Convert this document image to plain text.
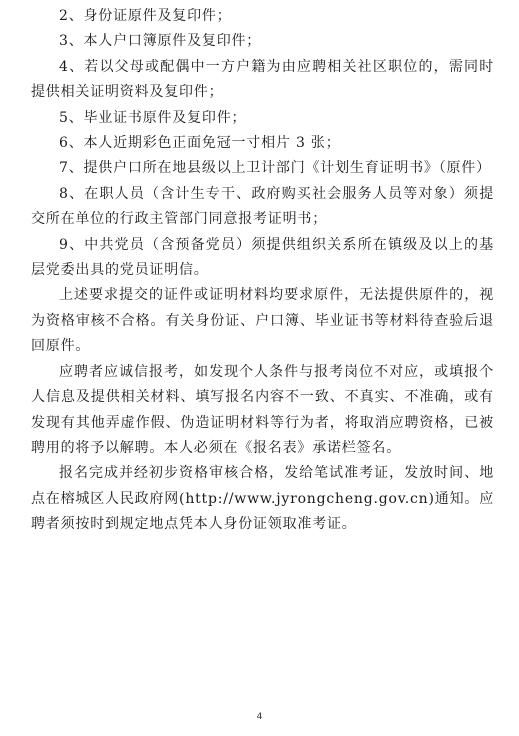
2、身份证原件及复印件；

3、本人户口簿原件及复印件；

4、若以父母或配偶中一方户籍为由应聘相关社区职位的，需同时提供相关证明资料及复印件；

5、毕业证书原件及复印件；

6、本人近期彩色正面免冠一寸相片 3 张；

7、提供户口所在地县级以上卫计部门《计划生育证明书》（原件）

8、在职人员（含计生专干、政府购买社会服务人员等对象）须提交所在单位的行政主管部门同意报考证明书；

9、中共党员（含预备党员）须提供组织关系所在镇级及以上的基层党委出具的党员证明信。

上述要求提交的证件或证明材料均要求原件，无法提供原件的，视为资格审核不合格。有关身份证、户口簿、毕业证书等材料待查验后退回原件。

应聘者应诚信报考，如发现个人条件与报考岗位不对应，或填报个人信息及提供相关材料、填写报名内容不一致、不真实、不准确，或有发现有其他弄虚作假、伪造证明材料等行为者，将取消应聘资格，已被聘用的将予以解聘。本人必须在《报名表》承诺栏签名。

报名完成并经初步资格审核合格，发给笔试准考证，发放时间、地点在榕城区人民政府网(http://www.jyrongcheng.gov.cn)通知。应聘者须按时到规定地点凭本人身份证领取准考证。

4
